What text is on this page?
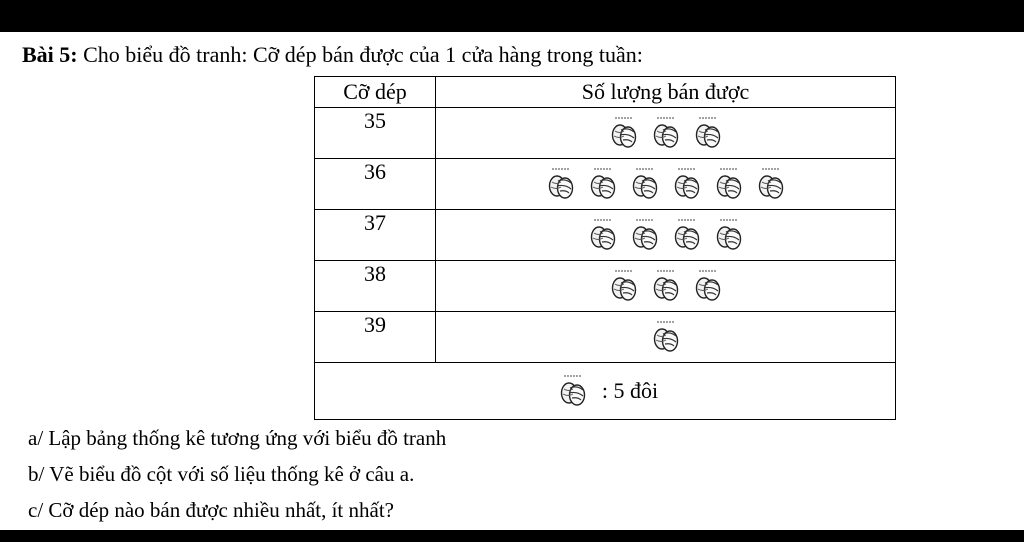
Bài 5: Cho biểu đồ tranh: Cỡ dép bán được của 1 cửa hàng trong tuần:
Cỡ dép	Số lượng bán được
35	

36	

37	

38	

39	

: 5 đôi	
a/ Lập bảng thống kê tương ứng với biểu đồ tranh
b/ Vẽ biểu đồ cột với số liệu thống kê ở câu a.
c/ Cỡ dép nào bán được nhiều nhất, ít nhất?
